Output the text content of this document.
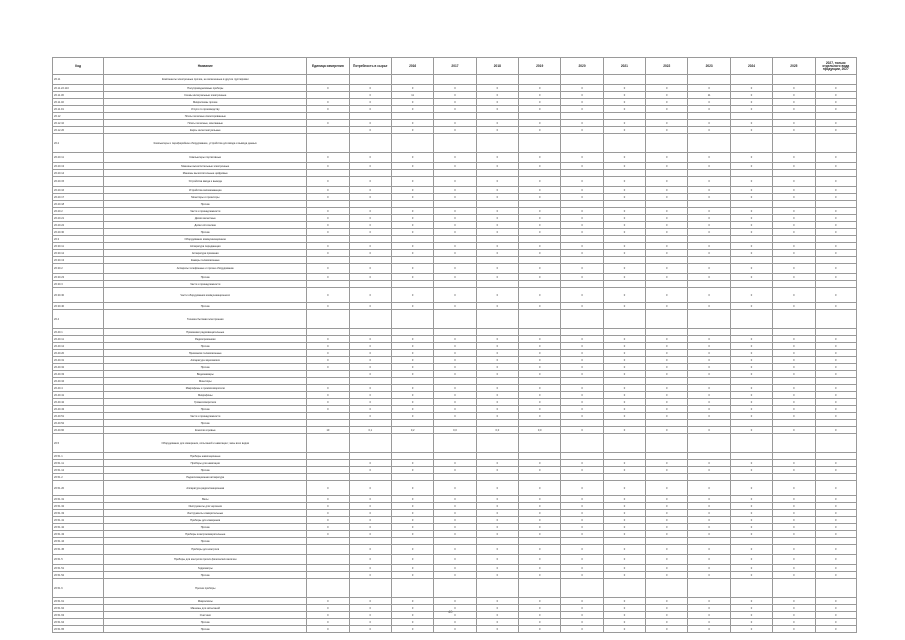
Код	Название	Единица измерения	Потребность в сырье	2016	2017	2018	2019	2020	2021	2022	2023	2024	2025	2027, только отдельного вида продукции, 2027
26.11	Компоненты электронные прочие, не включенные в другие группировки													
26.11.22.110	Полупроводниковые приборы	0	0	0	0	0	0	0	0	0	0	0	0	0
26.11.30	Схемы интегральные электронные		0	11	0	0	0	0	0	0	11	0	0	0
26.11.40	Микросхемы прочие	0	0	0	0	0	0	0	0	0	0	0	0	0
26.11.91	Услуги по производству	0	0	0	0	0	0	0	0	0	0	0	0	0
26.12	Платы печатные смонтированные													
26.12.10	Платы печатные, монтажные	0	0	0	0	0	0	0	0	0	0	0	0	0
26.12.20	Карты интеллектуальные		0	0	0	0	0	0	0	0	0	0	0	0
26.2	Компьютеры и периферийное оборудование, устройства для ввода и вывода данных													
26.20.11	Компьютеры портативные	0	0	0	0	0	0	0	0	0	0	0	0	0
26.20.13	Машины вычислительные электронные	0	0	0	0	0	0	0	0	0	0	0	0	0
26.20.14	Машины вычислительные цифровые													
26.20.15	Устройства ввода и вывода	0	0	0	0	0	0	0	0	0	0	0	0	0
26.20.16	Устройства запоминающие	0	0	0	0	0	0	0	0	0	0	0	0	0
26.20.17	Мониторы и проекторы	0	0	0	0	0	0	0	0	0	0	0	0	0
26.20.18	Прочие													
26.20.2	Части и принадлежности	0	0	0	0	0	0	0	0	0	0	0	0	0
26.20.21	Диски магнитные	0	0	0	0	0	0	0	0	0	0	0	0	0
26.20.22	Диски оптические	0	0	0	0	0	0	0	0	0	0	0	0	0
26.20.30	Прочие	0	0	0	0	0	0	0	0	0	0	0	0	0
26.3	Оборудование коммуникационное													
26.30.11	Аппаратура передающая	0	0	0	0	0	0	0	0	0	0	0	0	0
26.30.12	Аппаратура приемная	0	0	0	0	0	0	0	0	0	0	0	0	0
26.30.13	Камеры телевизионные													
26.30.2	Аппараты телефонные и прочее оборудование	0	0	0	0	0	0	0	0	0	0	0	0	0
26.30.23	Прочие	0	0	0	0	0	0	0	0	0	0	0	0	0
26.30.3	Части и принадлежности													
26.30.30	Части оборудования коммуникационного	0	0	0	0	0	0	0	0	0	0	0	0	0
26.30.40	Прочие	0	0	0	0	0	0	0	0	0	0	0	0	0
26.4	Техника бытовая электронная													
26.40.1	Приемники радиовещательные													
26.40.11	Радиоприемники	0	0	0	0	0	0	0	0	0	0	0	0	0
26.40.12	Прочие	0	0	0	0	0	0	0	0	0	0	0	0	0
26.40.20	Приемники телевизионные	0	0	0	0	0	0	0	0	0	0	0	0	0
26.40.31	Аппаратура звукозаписи	0	0	0	0	0	0	0	0	0	0	0	0	0
26.40.32	Прочие	0	0	0	0	0	0	0	0	0	0	0	0	0
26.40.33	Видеокамеры		0	0	0	0	0	0	0	0	0	0	0	0
26.40.34	Мониторы													
26.40.4	Микрофоны и громкоговорители	0	0	0	0	0	0	0	0	0	0	0	0	0
26.40.41	Микрофоны	0	0	0	0	0	0	0	0	0	0	0	0	0
26.40.42	Громкоговорители	0	0	0	0	0	0	0	0	0	0	0	0	0
26.40.43	Прочие	0	0	0	0	0	0	0	0	0	0	0	0	0
26.40.51	Части и принадлежности		0	0	0	0	0	0	0	0	0	0	0	0
26.40.52	Прочие													
26.40.60	Консоли игровые	10	0,1	0,2	0,0	0,0	0,0	0	0	0	0	0	0	0
26.5	Оборудование для измерения, испытаний и навигации; часы всех видов													
26.51.1	Приборы навигационные													
26.51.11	Приборы для навигации		0	0	0	0	0	0	0	0	0	0	0	0
26.51.12	Прочие		0	0	0	0	0	0	0	0	0	0	0	0
26.51.2	Радиолокационная аппаратура													
26.51.20	Аппаратура радиолокационная	0	0	0	0	0	0	0	0	0	0	0	0	0
26.51.31	Весы	0	0	0	0	0	0	0	0	0	0	0	0	0
26.51.32	Инструменты для черчения	0	0	0	0	0	0	0	0	0	0	0	0	0
26.51.33	Инструменты измерительные	0	0	0	0	0	0	0	0	0	0	0	0	0
26.51.41	Приборы для измерения	0	0	0	0	0	0	0	0	0	0	0	0	0
26.51.42	Прочие	0	0	0	0	0	0	0	0	0	0	0	0	0
26.51.43	Приборы электроизмерительные	0	0	0	0	0	0	0	0	0	0	0	0	0
26.51.44	Прочие													
26.51.45	Приборы для контроля		0	0	0	0	0	0	0	0	0	0	0	0
26.51.5	Приборы для контроля прочих физических величин		0	0	0	0	0	0	0	0	0	0	0	0
26.51.51	Гидрометры		0	0	0	0	0	0	0	0	0	0	0	0
26.51.52	Прочие		0	0	0	0	0	0	0	0	0	0	0	0
26.51.6	Прочие приборы													
26.51.61	Микроскопы	0	0	0	0	0	0	0	0	0	0	0	0	0
26.51.62	Машины для испытаний	0	0	0	0	0	0	0	0	0	0	0	0	0
26.51.63	Счетчики	0	0	0	0	0	0	0	0	0	0	0	0	0
26.51.64	Прочие	0	0	0	0	0	0	0	0	0	0	0	0	0
26.51.65	Прочие	0	0	0	0	0	0	0	0	0	0	0	0	0
40
